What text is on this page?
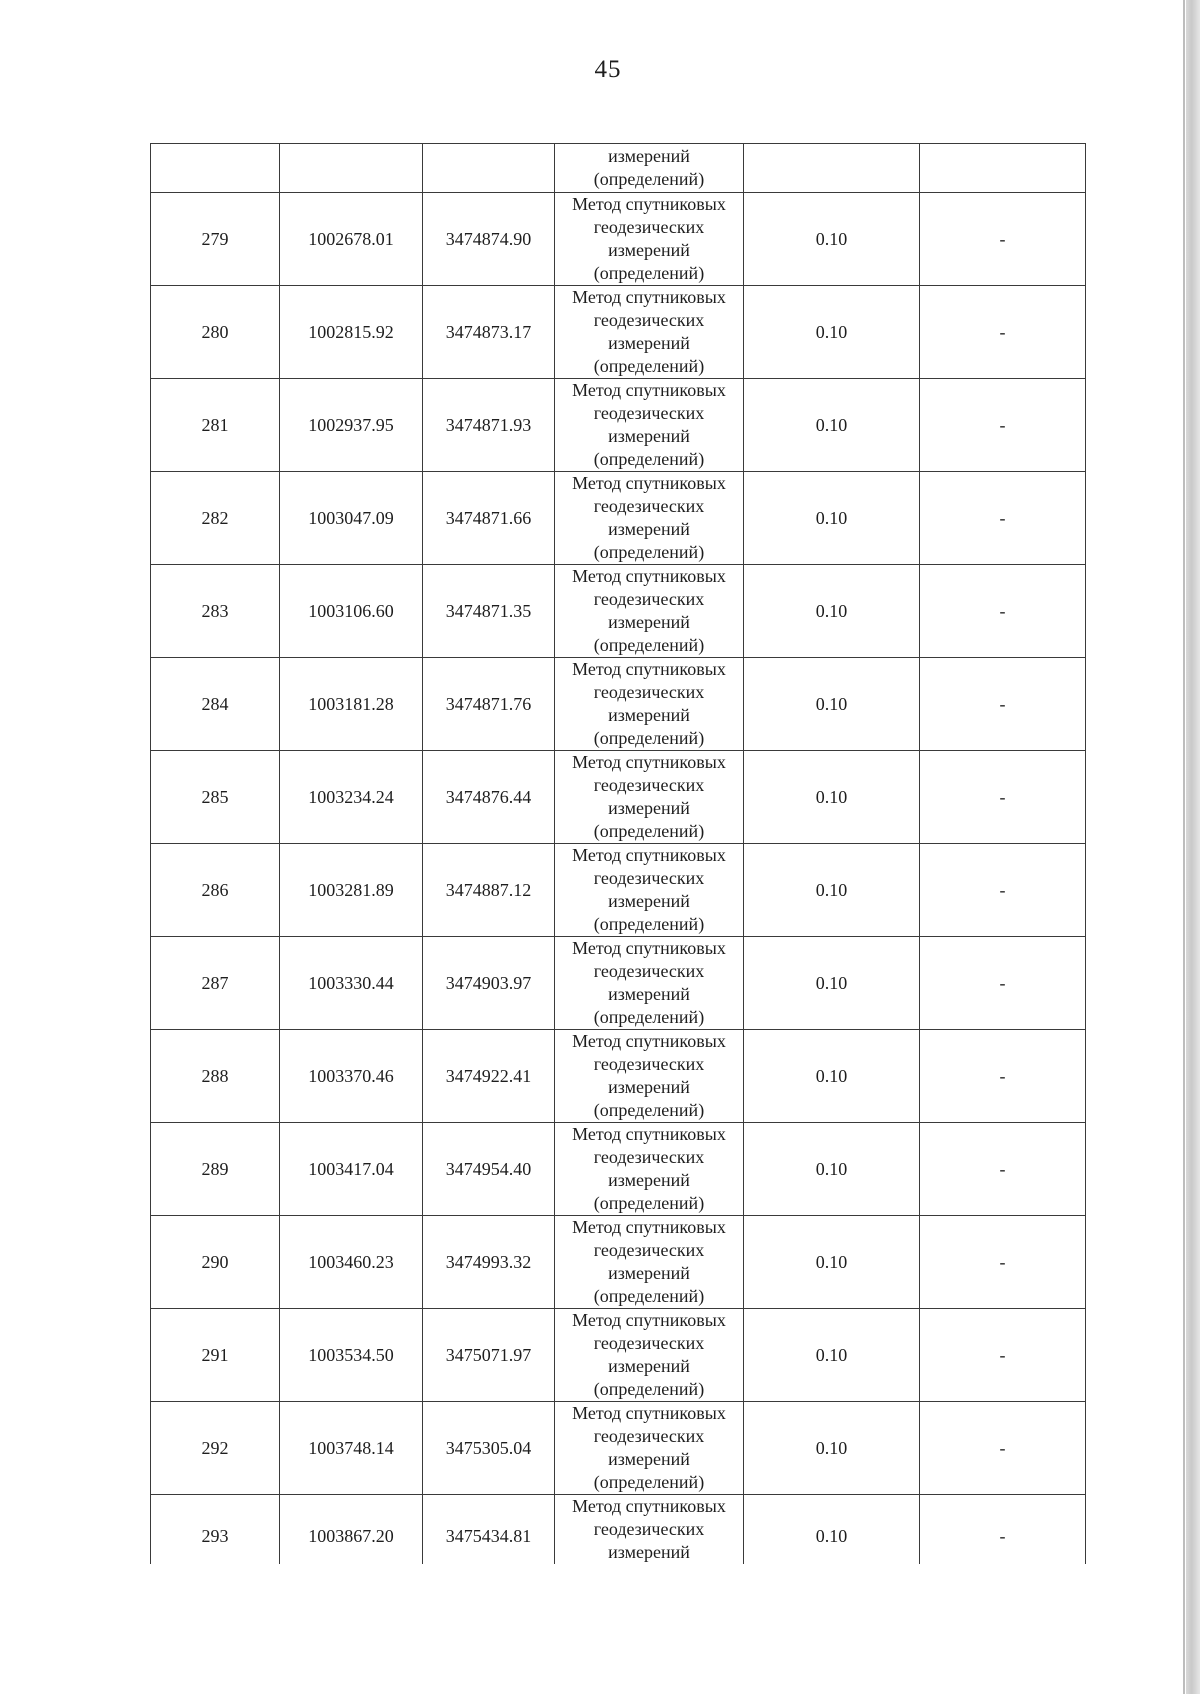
45

			измерений
(определений)		

279	1002678.01	3474874.90	Метод спутниковых
геодезических
измерений
(определений)	0.10	-
280	1002815.92	3474873.17	Метод спутниковых
геодезических
измерений
(определений)	0.10	-
281	1002937.95	3474871.93	Метод спутниковых
геодезических
измерений
(определений)	0.10	-
282	1003047.09	3474871.66	Метод спутниковых
геодезических
измерений
(определений)	0.10	-
283	1003106.60	3474871.35	Метод спутниковых
геодезических
измерений
(определений)	0.10	-
284	1003181.28	3474871.76	Метод спутниковых
геодезических
измерений
(определений)	0.10	-
285	1003234.24	3474876.44	Метод спутниковых
геодезических
измерений
(определений)	0.10	-
286	1003281.89	3474887.12	Метод спутниковых
геодезических
измерений
(определений)	0.10	-
287	1003330.44	3474903.97	Метод спутниковых
геодезических
измерений
(определений)	0.10	-
288	1003370.46	3474922.41	Метод спутниковых
геодезических
измерений
(определений)	0.10	-
289	1003417.04	3474954.40	Метод спутниковых
геодезических
измерений
(определений)	0.10	-
290	1003460.23	3474993.32	Метод спутниковых
геодезических
измерений
(определений)	0.10	-
291	1003534.50	3475071.97	Метод спутниковых
геодезических
измерений
(определений)	0.10	-
292	1003748.14	3475305.04	Метод спутниковых
геодезических
измерений
(определений)	0.10	-
293	1003867.20	3475434.81	Метод спутниковых
геодезических
измерений	0.10	-
